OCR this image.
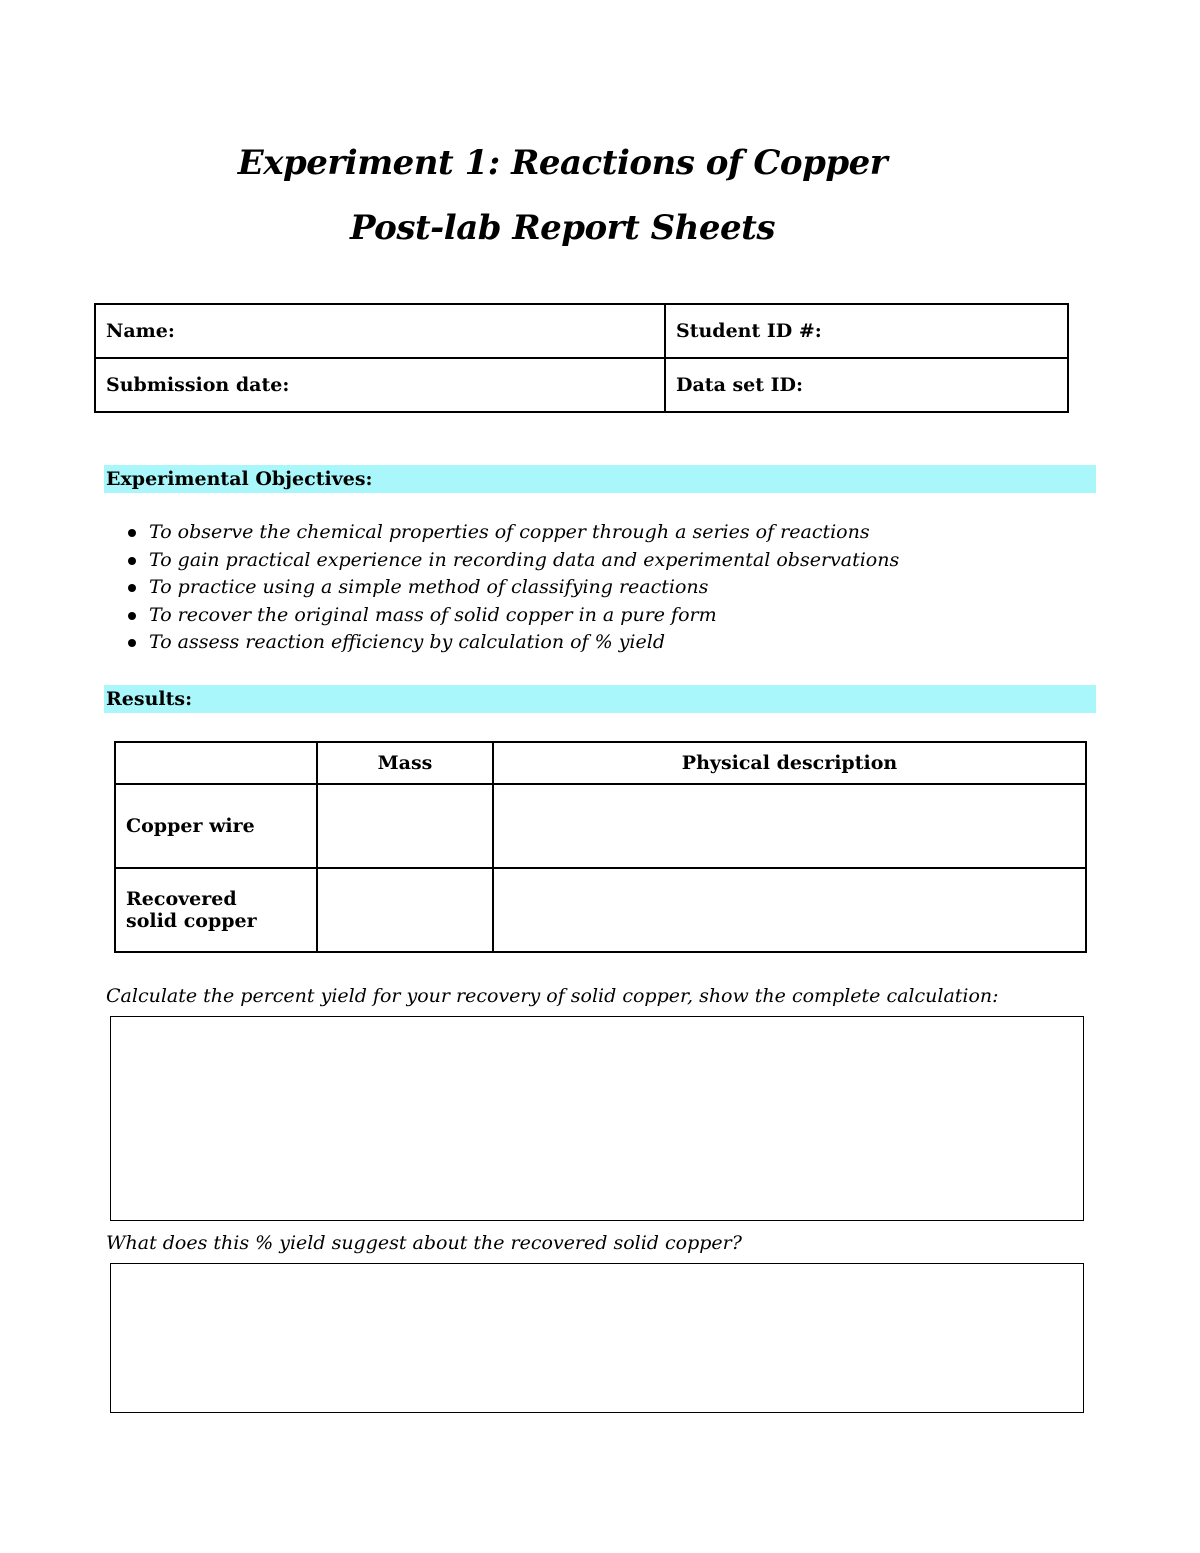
Experiment 1: Reactions of Copper
Post-lab Report Sheets
Name:	Student ID #:
Submission date:	Data set ID:
Experimental Objectives:
To observe the chemical properties of copper through a series of reactions
To gain practical experience in recording data and experimental observations
To practice using a simple method of classifying reactions
To recover the original mass of solid copper in a pure form
To assess reaction efficiency by calculation of % yield
Results:
	Mass	Physical description
Copper wire		
Recovered   solid copper		
Calculate the percent yield for your recovery of solid copper, show the complete calculation:
What does this % yield suggest about the recovered solid copper?
